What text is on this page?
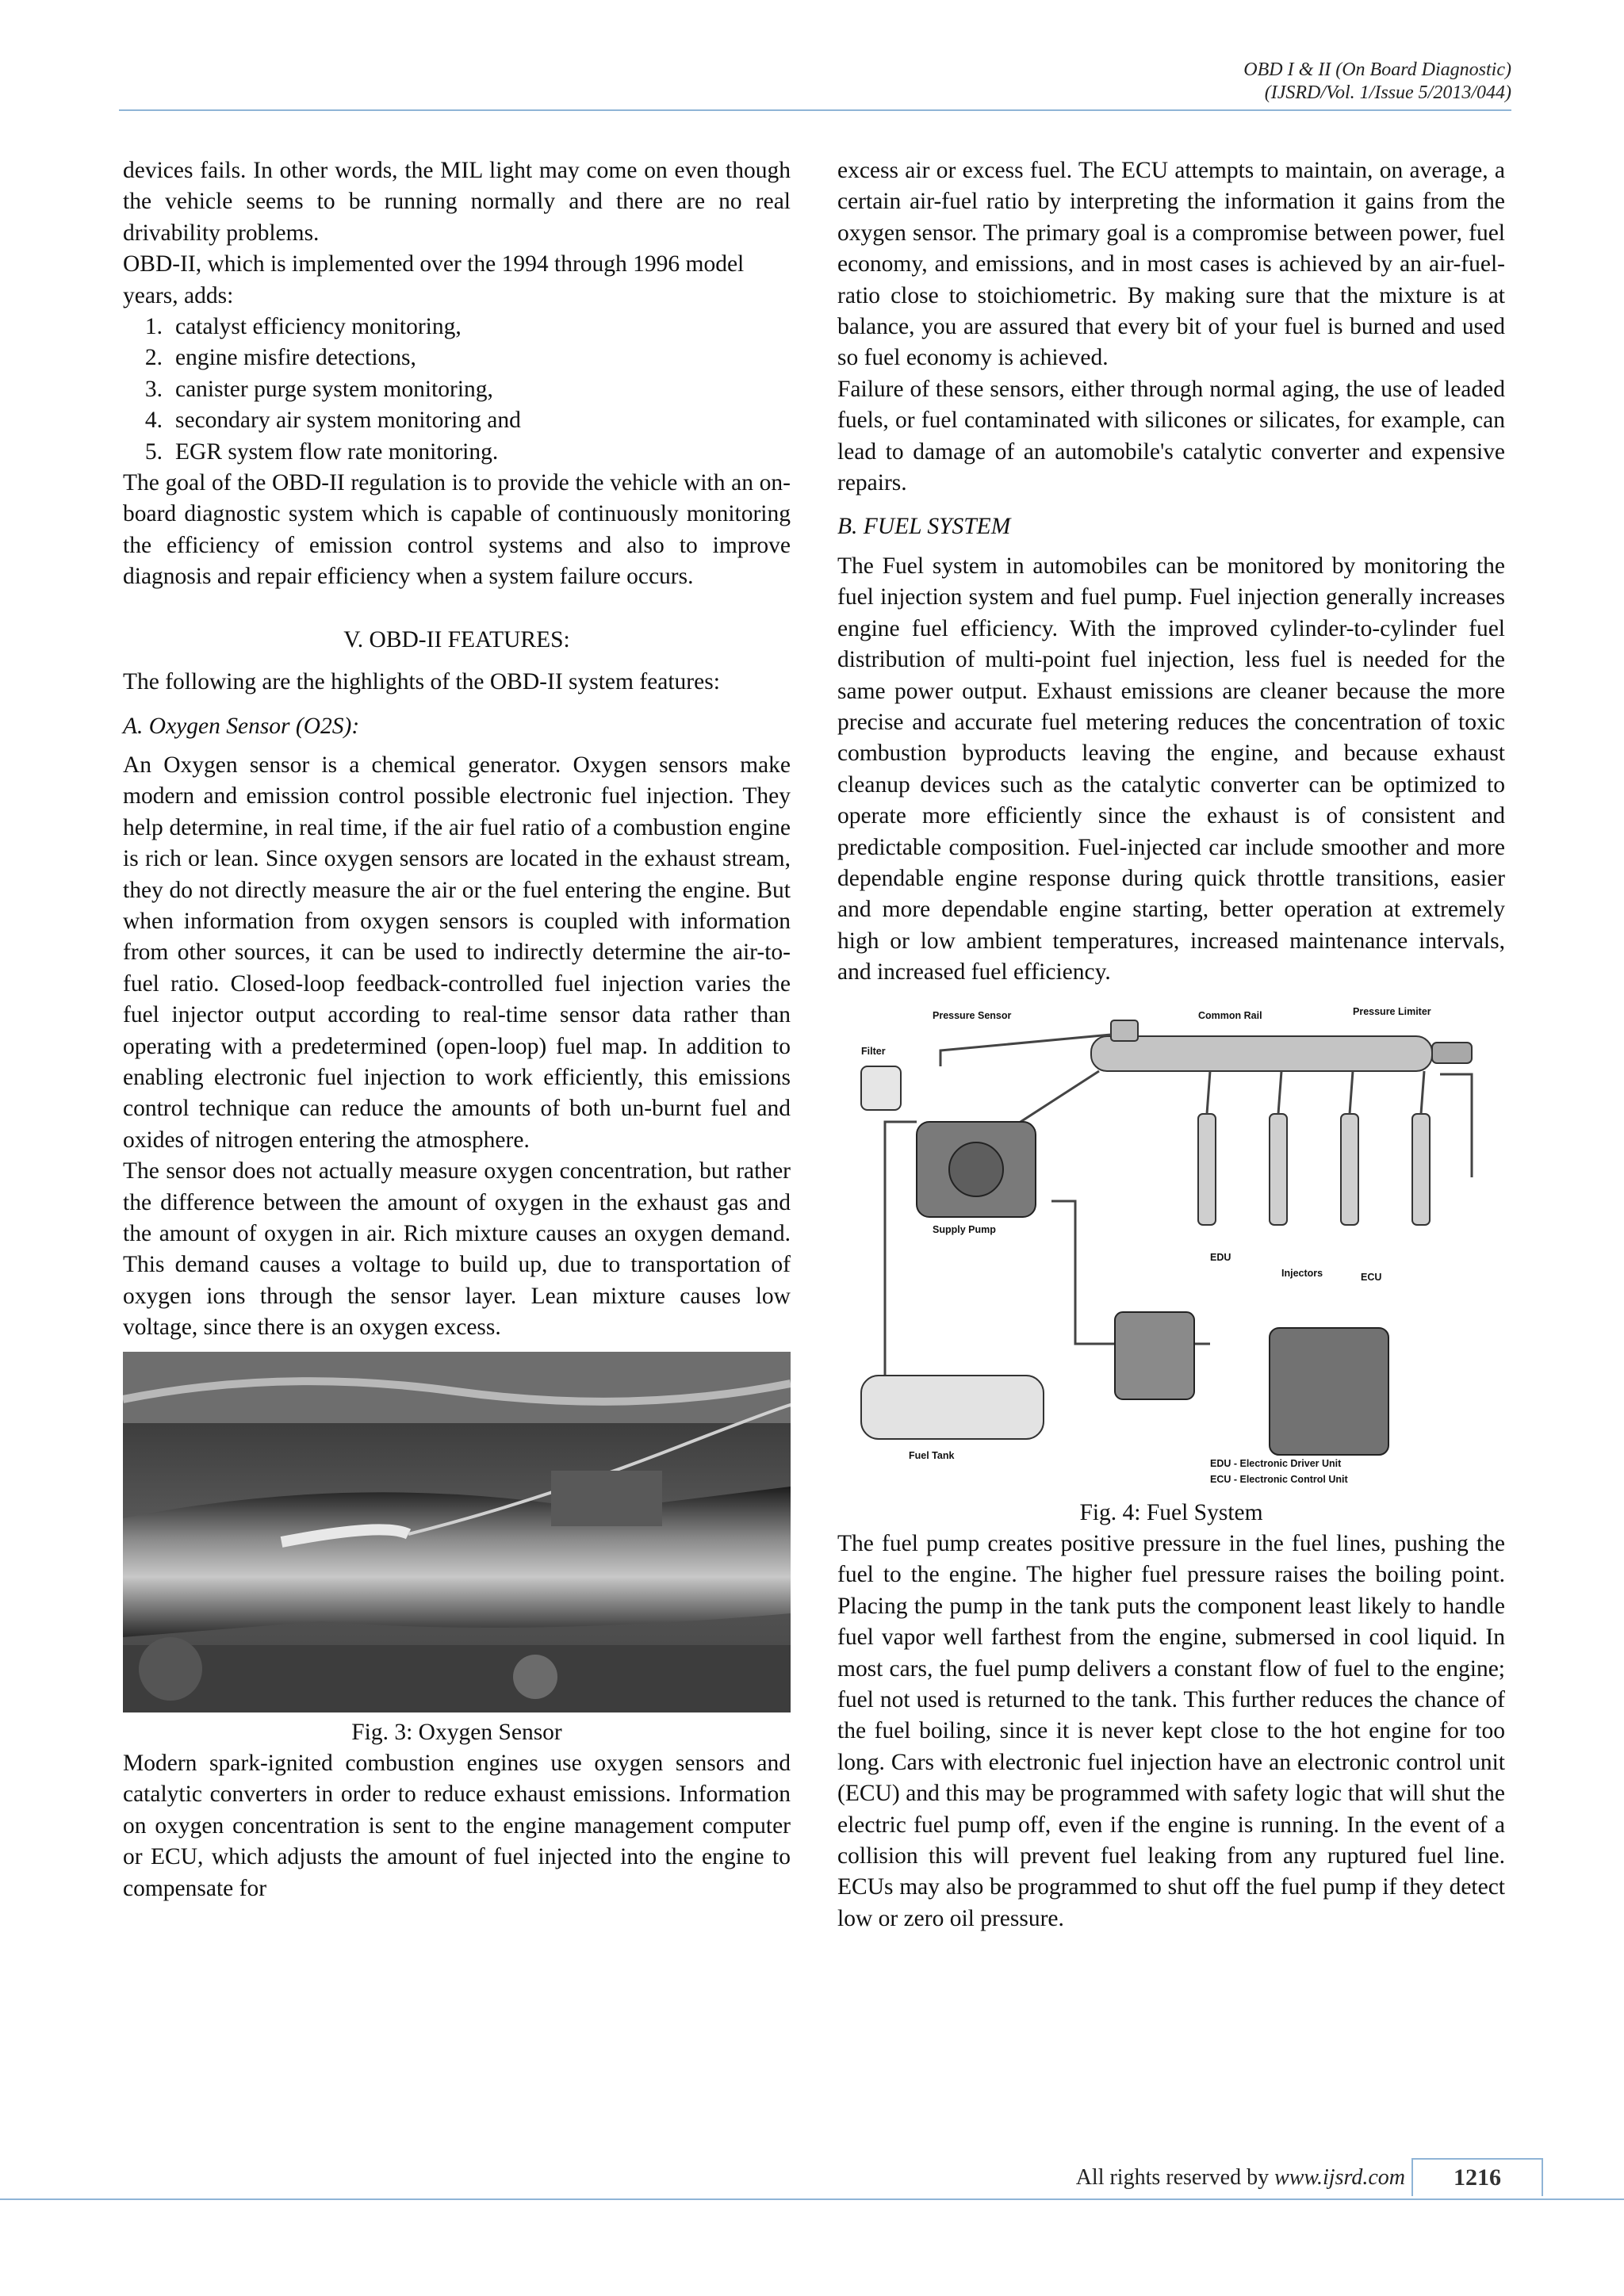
OBD I & II (On Board Diagnostic)
(IJSRD/Vol. 1/Issue 5/2013/044)

devices fails. In other words, the MIL light may come on even though the vehicle seems to be running normally and there are no real drivability problems.

OBD-II, which is implemented over the 1994 through 1996 model years, adds:

1 . catalyst efficiency monitoring,
2 . engine misfire detections,
3 . canister purge system monitoring,
4 . secondary air system monitoring and
5 . EGR system flow rate monitoring.

The goal of the OBD-II regulation is to provide the vehicle with an on-board diagnostic system which is capable of continuously monitoring the efficiency of emission control systems and also to improve diagnosis and repair efficiency when a system failure occurs.

V. OBD-II FEATURES:

The following are the highlights of the OBD-II system features:

A. Oxygen Sensor (O2S):

An Oxygen sensor is a chemical generator. Oxygen sensors make modern and emission control possible electronic fuel injection. They help determine, in real time, if the air fuel ratio of a combustion engine is rich or lean. Since oxygen sensors are located in the exhaust stream, they do not directly measure the air or the fuel entering the engine. But when information from oxygen sensors is coupled with information from other sources, it can be used to indirectly determine the air-to-fuel ratio. Closed-loop feedback-controlled fuel injection varies the fuel injector output according to real-time sensor data rather than operating with a predetermined (open-loop) fuel map. In addition to enabling electronic fuel injection to work efficiently, this emissions control technique can reduce the amounts of both un-burnt fuel and oxides of nitrogen entering the atmosphere.

The sensor does not actually measure oxygen concentration, but rather the difference between the amount of oxygen in the exhaust gas and the amount of oxygen in air. Rich mixture causes an oxygen demand. This demand causes a voltage to build up, due to transportation of oxygen ions through the sensor layer. Lean mixture causes low voltage, since there is an oxygen excess.

Fig. 3: Oxygen Sensor

Modern spark-ignited combustion engines use oxygen sensors and catalytic converters in order to reduce exhaust emissions. Information on oxygen concentration is sent to the engine management computer or ECU, which adjusts the amount of fuel injected into the engine to compensate for

excess air or excess fuel. The ECU attempts to maintain, on average, a certain air-fuel ratio by interpreting the information it gains from the oxygen sensor. The primary goal is a compromise between power, fuel economy, and emissions, and in most cases is achieved by an air-fuel-ratio close to stoichiometric. By making sure that the mixture is at balance, you are assured that every bit of your fuel is burned and used so fuel economy is achieved.

Failure of these sensors, either through normal aging, the use of leaded fuels, or fuel contaminated with silicones or silicates, for example, can lead to damage of an automobile's catalytic converter and expensive repairs.

B. FUEL SYSTEM

The Fuel system in automobiles can be monitored by monitoring the fuel injection system and fuel pump. Fuel injection generally increases engine fuel efficiency. With the improved cylinder-to-cylinder fuel distribution of multi-point fuel injection, less fuel is needed for the same power output. Exhaust emissions are cleaner because the more precise and accurate fuel metering reduces the concentration of toxic combustion byproducts leaving the engine, and because exhaust cleanup devices such as the catalytic converter can be optimized to operate more efficiently since the exhaust is of consistent and predictable composition. Fuel-injected car include smoother and more dependable engine response during quick throttle transitions, easier and more dependable engine starting, better operation at extremely high or low ambient temperatures, increased maintenance intervals, and increased fuel efficiency.

Pressure Sensor	Common Rail	Pressure Limiter
Filter
Supply Pump
EDU
Injectors	ECU
Fuel Tank
EDU - Electronic Driver Unit
ECU - Electronic Control Unit
Fig. 4: Fuel System

The fuel pump creates positive pressure in the fuel lines, pushing the fuel to the engine. The higher fuel pressure raises the boiling point. Placing the pump in the tank puts the component least likely to handle fuel vapor well farthest from the engine, submersed in cool liquid. In most cars, the fuel pump delivers a constant flow of fuel to the engine; fuel not used is returned to the tank. This further reduces the chance of the fuel boiling, since it is never kept close to the hot engine for too long. Cars with electronic fuel injection have an electronic control unit (ECU) and this may be programmed with safety logic that will shut the electric fuel pump off, even if the engine is running. In the event of a collision this will prevent fuel leaking from any ruptured fuel line. ECUs may also be programmed to shut off the fuel pump if they detect low or zero oil pressure.

All rights reserved by www.ijsrd.com	1216
